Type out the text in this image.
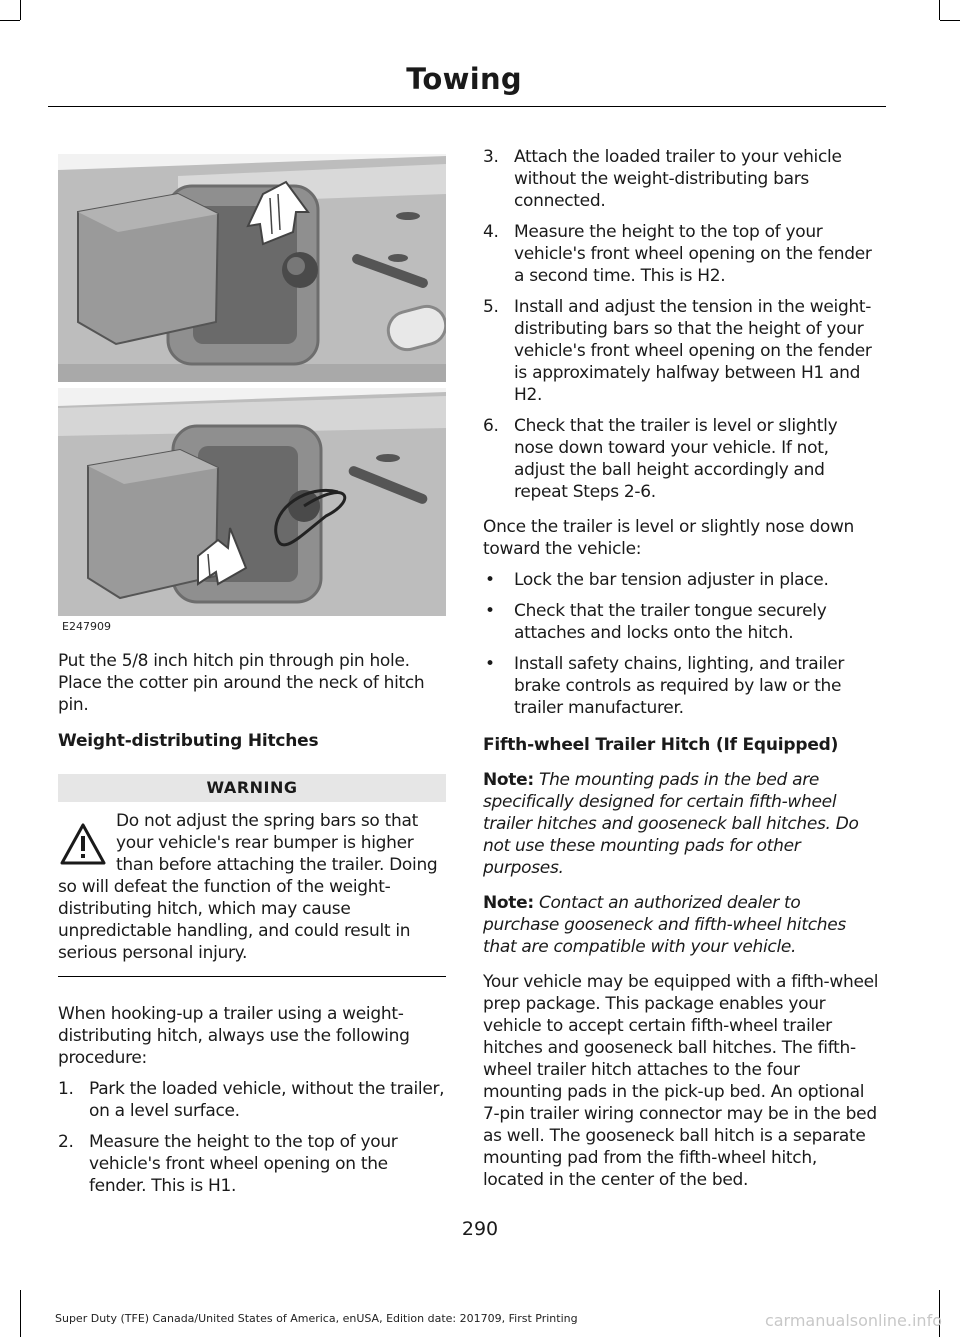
Towing
E247909

Put the 5/8 inch hitch pin through pin hole. Place the cotter pin around the neck of hitch pin.

Weight-distributing Hitches
WARNING

Do not adjust the spring bars so that your vehicle's rear bumper is higher than before attaching the trailer. Doing so will defeat the function of the weight-distributing hitch, which may cause unpredictable handling, and could result in serious personal injury.

When hooking-up a trailer using a weight-distributing hitch, always use the following procedure:

1. Park the loaded vehicle, without the trailer, on a level surface.
2. Measure the height to the top of your vehicle's front wheel opening on the fender. This is H1.
3. Attach the loaded trailer to your vehicle without the weight-distributing bars connected.
4. Measure the height to the top of your vehicle's front wheel opening on the fender a second time. This is H2.
5. Install and adjust the tension in the weight-distributing bars so that the height of your vehicle's front wheel opening on the fender is approximately halfway between H1 and H2.
6. Check that the trailer is level or slightly nose down toward your vehicle. If not, adjust the ball height accordingly and repeat Steps 2-6.

Once the trailer is level or slightly nose down toward the vehicle:

• Lock the bar tension adjuster in place.
• Check that the trailer tongue securely attaches and locks onto the hitch.
• Install safety chains, lighting, and trailer brake controls as required by law or the trailer manufacturer.
Fifth-wheel Trailer Hitch (If Equipped)

Note: The mounting pads in the bed are specifically designed for certain fifth-wheel trailer hitches and gooseneck ball hitches. Do not use these mounting pads for other purposes.

Note: Contact an authorized dealer to purchase gooseneck and fifth-wheel hitches that are compatible with your vehicle.

Your vehicle may be equipped with a fifth-wheel prep package. This package enables your vehicle to accept certain fifth-wheel trailer hitches and gooseneck ball hitches. The fifth-wheel trailer hitch attaches to the four mounting pads in the pick-up bed. An optional 7-pin trailer wiring connector may be in the bed as well. The gooseneck ball hitch is a separate mounting pad from the fifth-wheel hitch, located in the center of the bed.

290
Super Duty (TFE) Canada/United States of America, enUSA, Edition date: 201709, First Printing	carmanualsonline.info
